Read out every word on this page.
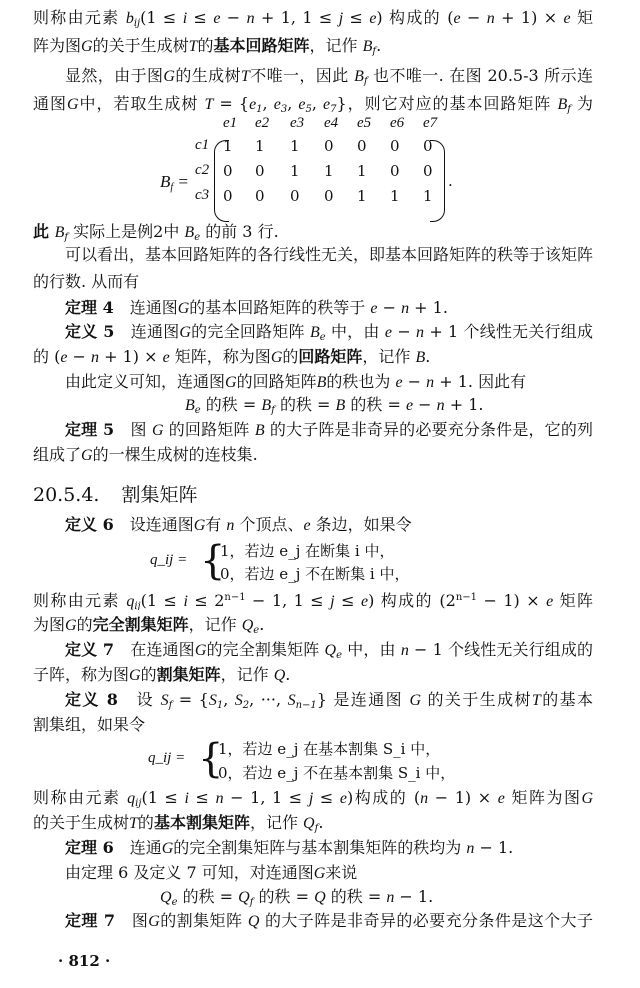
则称由元素 $b_{ij}(1 \le i \le e - n + 1$, 1 ≤ j ≤ e) 构成的 (e − n + 1) × e 矩
阵为图G的关于生成树T的基本回路矩阵，记作 $B_f$.
显然，由于图G的生成树T不唯一，因此 $B_f$ 也不唯一. 在图 20.5-3 所示连
通图G中，若取生成树 $T = \{e_1$, $e_3$, $e_5$, $e_7$}，则它对应的基本回路矩阵 $B_f$ 为
此 $B_f$ 实际上是例2中 $B_e$ 的前 3 行.
可以看出，基本回路矩阵的各行线性无关，即基本回路矩阵的秩等于该矩阵
的行数. 从而有
定理 4　连通图G的基本回路矩阵的秩等于 e − n + 1.
定义 5　连通图G的完全回路矩阵 $B_e$ 中，由 e − n + 1 个线性无关行组成
的 (e − n + 1) × e 矩阵，称为图G的回路矩阵，记作 B.
由此定义可知，连通图G的回路矩阵B的秩也为 e − n + 1. 因此有
$B_e$ 的秩 = $B_f$ 的秩 = B 的秩 = e − n + 1.
定理 5　图 G 的回路矩阵 B 的大子阵是非奇异的必要充分条件是，它的列
组成了G的一棵生成树的连枝集.
定义 6　设连通图G有 n 个顶点、e 条边，如果令
则称由元素 $q_{ij}(1 \le i \le 2^{n-1} - 1$, 1 ≤ j ≤ e) 构成的 $(2^{n-1} - 1) \times e$ 矩阵
为图G的完全割集矩阵，记作 $Q_e$.
定义 7　在连通图G的完全割集矩阵 $Q_e$ 中，由 n − 1 个线性无关行组成的
子阵，称为图G的割集矩阵，记作 Q.
定义 8　设 $S_f = \{S_1$, $S_2$, ···, $S_{n-1}$} 是连通图 G 的关于生成树T的基本
割集组，如果令
则称由元素 $q_{ij}(1 \le i \le n - 1$, 1 ≤ j ≤ e)构成的 (n − 1) × e 矩阵为图G
的关于生成树T的基本割集矩阵，记作 $Q_f$.
定理 6　连通G的完全割集矩阵与基本割集矩阵的秩均为 n − 1.
由定理 6 及定义 7 可知，对连通图G来说
$Q_e$ 的秩 = $Q_f$ 的秩 = Q 的秩 = n − 1.
定理 7　图G的割集矩阵 Q 的大子阵是非奇异的必要充分条件是这个大子
$B_f$ =	.
e1 e2 e3 e4 e5 e6 e7
c1
c2
c3
1 1 1 0 0 0 0
0 0 1 1 1 0 0
0 0 0 0 1 1 1
20.5.4. 割集矩阵
q_ij = {
1，若边 e_j 在断集 i 中，
0，若边 e_j 不在断集 i 中，
q_ij = {
1，若边 e_j 在基本割集 S_i 中，
0，若边 e_j 不在基本割集 S_i 中，
· 812 ·
